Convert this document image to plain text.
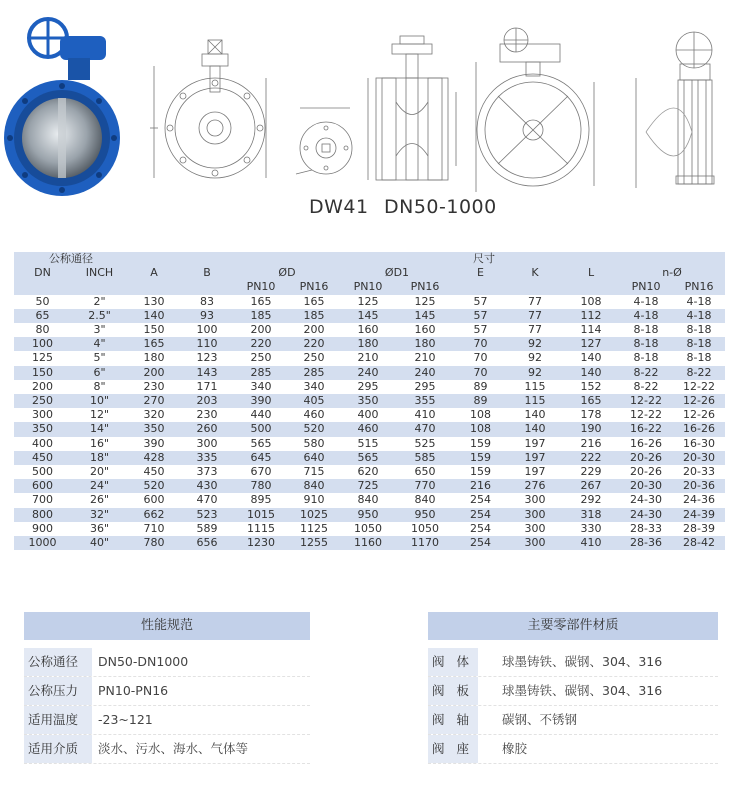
DW41 DN50-1000
公称通径				尺寸								
DN	INCH	A	B	ØD		ØD1		E	K	L	n-Ø	
				PN10	PN16	PN10	PN16				PN10	PN16
50	2"	130	83	165	165	125	125	57	77	108	4-18	4-18
65	2.5"	140	93	185	185	145	145	57	77	112	4-18	4-18
80	3"	150	100	200	200	160	160	57	77	114	8-18	8-18
100	4"	165	110	220	220	180	180	70	92	127	8-18	8-18
125	5"	180	123	250	250	210	210	70	92	140	8-18	8-18
150	6"	200	143	285	285	240	240	70	92	140	8-22	8-22
200	8"	230	171	340	340	295	295	89	115	152	8-22	12-22
250	10"	270	203	390	405	350	355	89	115	165	12-22	12-26
300	12"	320	230	440	460	400	410	108	140	178	12-22	12-26
350	14"	350	260	500	520	460	470	108	140	190	16-22	16-26
400	16"	390	300	565	580	515	525	159	197	216	16-26	16-30
450	18"	428	335	645	640	565	585	159	197	222	20-26	20-30
500	20"	450	373	670	715	620	650	159	197	229	20-26	20-33
600	24"	520	430	780	840	725	770	216	276	267	20-30	20-36
700	26"	600	470	895	910	840	840	254	300	292	24-30	24-36
800	32"	662	523	1015	1025	950	950	254	300	318	24-30	24-39
900	36"	710	589	1115	1125	1050	1050	254	300	330	28-33	28-39
1000	40"	780	656	1230	1255	1160	1170	254	300	410	28-36	28-42
性能规范
公称通径	DN50-DN1000
公称压力	PN10-PN16
适用温度	-23~121
适用介质	淡水、污水、海水、气体等
主要零部件材质
阀 体	球墨铸铁、碳钢、304、316
阀 板	球墨铸铁、碳钢、304、316
阀 轴	碳钢、不锈钢
阀 座	橡胶
